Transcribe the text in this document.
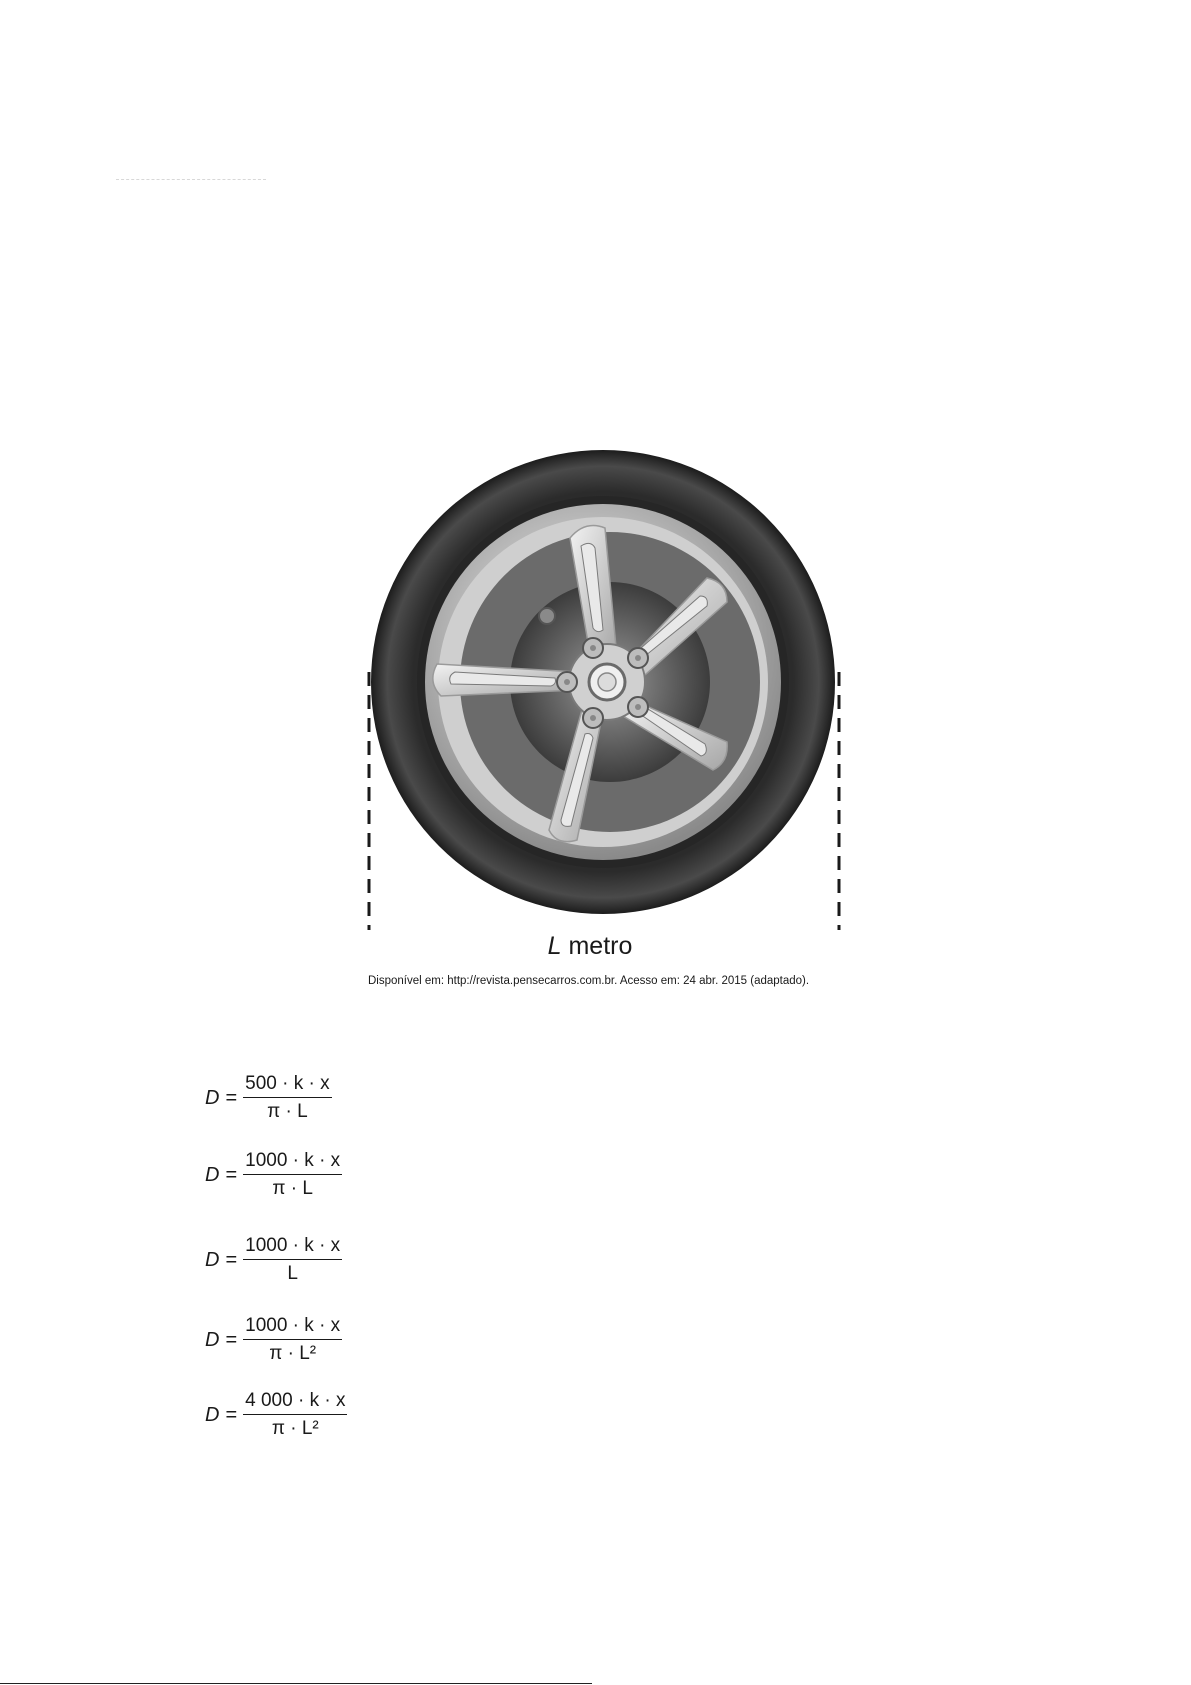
L metro
Disponível em: http://revista.pensecarros.com.br. Acesso em: 24 abr. 2015 (adaptado).
$D = \frac{500 \cdot k \cdot x}{\pi \cdot L}$
$D = \frac{1000 \cdot k \cdot x}{\pi \cdot L}$
$D = \frac{1000 \cdot k \cdot x}{L}$
$D = \frac{1000 \cdot k \cdot x}{\text{π · L²}}$
$D = \frac{4 000 \cdot k \cdot x}{\text{π · L²}}$
